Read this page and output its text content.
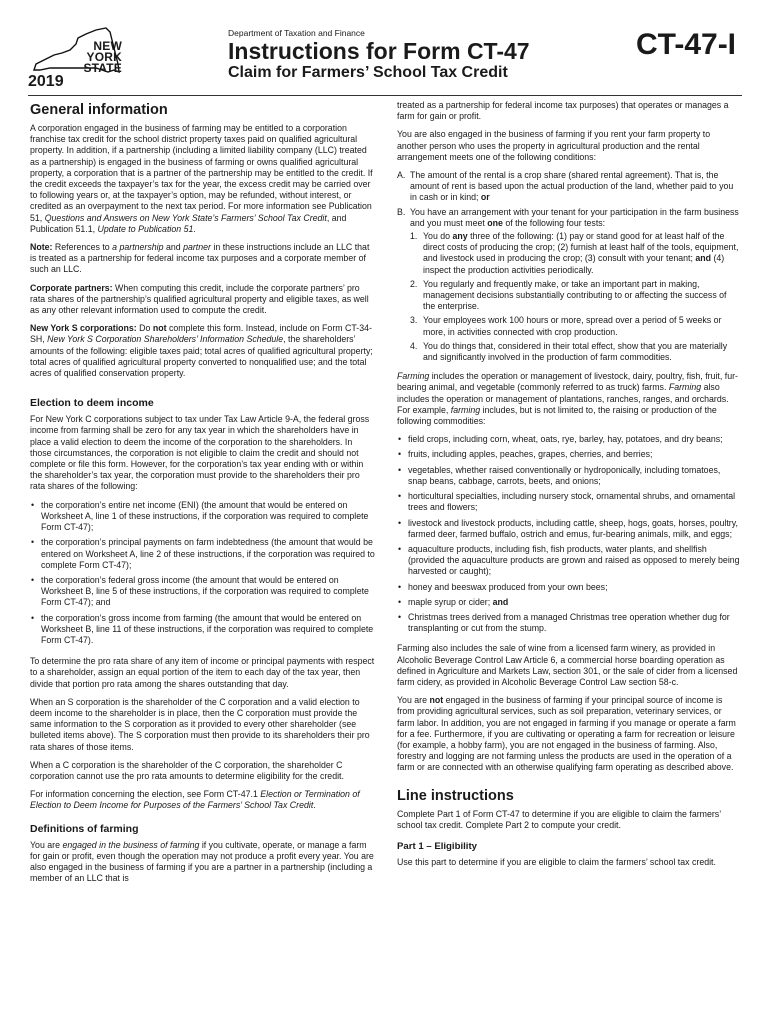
NEW
YORK
STATE
2019
Department of Taxation and Finance
Instructions for Form CT-47
Claim for Farmers’ School Tax Credit
CT-47-I
General information

A corporation engaged in the business of farming may be entitled to a corporation franchise tax credit for the school district property taxes paid on qualified agricultural property. In addition, if a partnership (including a limited liability company (LLC) treated as a partnership) is engaged in the business of farming or owns qualified agricultural property, a corporation that is a partner of the partnership may be entitled to the credit. If the credit exceeds the taxpayer’s tax for the year, the excess credit may be carried over to following years or, at the taxpayer’s option, may be refunded, without interest, or credited as an overpayment to the next tax period. For more information see Publication 51, Questions and Answers on New York State’s Farmers’ School Tax Credit, and Publication 51.1, Update to Publication 51.

Note: References to a partnership and partner in these instructions include an LLC that is treated as a partnership for federal income tax purposes and a corporate member of such an LLC.

Corporate partners: When computing this credit, include the corporate partners’ pro rata shares of the partnership’s qualified agricultural property and eligible taxes, as well as any other relevant information used to compute the credit.

New York S corporations: Do not complete this form. Instead, include on Form CT-34-SH, New York S Corporation Shareholders’ Information Schedule, the shareholders’ amounts of the following: eligible taxes paid; total acres of qualified agricultural property; total acres of qualified agricultural property converted to nonqualified use; and the total acres of qualified conservation property.

Election to deem income

For New York C corporations subject to tax under Tax Law Article 9-A, the federal gross income from farming shall be zero for any tax year in which the shareholders have in place a valid election to deem the income of the corporation to the shareholders. In those circumstances, the corporation is not eligible to claim the credit and should not complete or file this form. However, for the corporation’s tax year ending with or within the shareholder’s tax year, the corporation must provide to the shareholders their pro rata shares of the following:

• the corporation’s entire net income (ENI) (the amount that would be entered on Worksheet A, line 1 of these instructions, if the corporation was required to complete Form CT-47);
• the corporation’s principal payments on farm indebtedness (the amount that would be entered on Worksheet A, line 2 of these instructions, if the corporation was required to complete Form CT-47);
• the corporation’s federal gross income (the amount that would be entered on Worksheet B, line 5 of these instructions, if the corporation was required to complete Form CT-47); and
• the corporation’s gross income from farming (the amount that would be entered on Worksheet B, line 11 of these instructions, if the corporation was required to complete Form CT-47).

To determine the pro rata share of any item of income or principal payments with respect to a shareholder, assign an equal portion of the item to each day of the tax year, then divide that portion pro rata among the shares outstanding that day.

When an S corporation is the shareholder of the C corporation and a valid election to deem income to the shareholder is in place, then the C corporation must provide the same information to the S corporation as it provided to every other shareholder (see bulleted items above). The S corporation must then provide to its shareholders their pro rata shares of those items.

When a C corporation is the shareholder of the C corporation, the shareholder C corporation cannot use the pro rata amounts to determine eligibility for the credit.

For information concerning the election, see Form CT-47.1 Election or Termination of Election to Deem Income for Purposes of the Farmers’ School Tax Credit.

Definitions of farming

You are engaged in the business of farming if you cultivate, operate, or manage a farm for gain or profit, even though the operation may not produce a profit every year. You are also engaged in the business of farming if you are a partner in a partnership (including a member of an LLC that is

treated as a partnership for federal income tax purposes) that operates or manages a farm for gain or profit.

You are also engaged in the business of farming if you rent your farm property to another person who uses the property in agricultural production and the rental arrangement meets one of the following conditions:

A. The amount of the rental is a crop share (shared rental agreement). That is, the amount of rent is based upon the actual production of the land, whether paid to you in cash or in kind; or
B. You have an arrangement with your tenant for your participation in the farm business and you must meet one of the following four tests:
1. You do any three of the following: (1) pay or stand good for at least half of the direct costs of producing the crop; (2) furnish at least half of the tools, equipment, and livestock used in producing the crop; (3) consult with your tenant; and (4) inspect the production activities periodically.
2. You regularly and frequently make, or take an important part in making, management decisions substantially contributing to or affecting the success of the enterprise.
3. Your employees work 100 hours or more, spread over a period of 5 weeks or more, in activities connected with crop production.
4. You do things that, considered in their total effect, show that you are materially and significantly involved in the production of farm commodities.

Farming includes the operation or management of livestock, dairy, poultry, fish, fruit, fur-bearing animal, and vegetable (commonly referred to as truck) farms. Farming also includes the operation or management of plantations, ranches, ranges, and orchards. For example, farming includes, but is not limited to, the raising or production of the following commodities:

• field crops, including corn, wheat, oats, rye, barley, hay, potatoes, and dry beans;
• fruits, including apples, peaches, grapes, cherries, and berries;
• vegetables, whether raised conventionally or hydroponically, including tomatoes, snap beans, cabbage, carrots, beets, and onions;
• horticultural specialties, including nursery stock, ornamental shrubs, and ornamental trees and flowers;
• livestock and livestock products, including cattle, sheep, hogs, goats, horses, poultry, farmed deer, farmed buffalo, ostrich and emus, fur-bearing animals, milk, and eggs;
• aquaculture products, including fish, fish products, water plants, and shellfish (provided the aquaculture products are grown and raised as opposed to merely being harvested or caught);
• honey and beeswax produced from your own bees;
• maple syrup or cider; and
• Christmas trees derived from a managed Christmas tree operation whether dug for transplanting or cut from the stump.

Farming also includes the sale of wine from a licensed farm winery, as provided in Alcoholic Beverage Control Law Article 6, a commercial horse boarding operation as defined in Agriculture and Markets Law, section 301, or the sale of cider from a licensed farm cidery, as provided in Alcoholic Beverage Control Law section 58-c.

You are not engaged in the business of farming if your principal source of income is from providing agricultural services, such as soil preparation, veterinary services, or farm labor. In addition, you are not engaged in farming if you manage or operate a farm for a fee. Furthermore, if you are cultivating or operating a farm for recreation or leisure (for example, a hobby farm), you are not engaged in the business of farming. Also, forestry and logging are not farming unless the products are used in the operation of a farm or are connected with an otherwise qualifying farm operating as described above.

Line instructions

Complete Part 1 of Form CT-47 to determine if you are eligible to claim the farmers’ school tax credit. Complete Part 2 to compute your credit.

Part 1 – Eligibility

Use this part to determine if you are eligible to claim the farmers’ school tax credit.
